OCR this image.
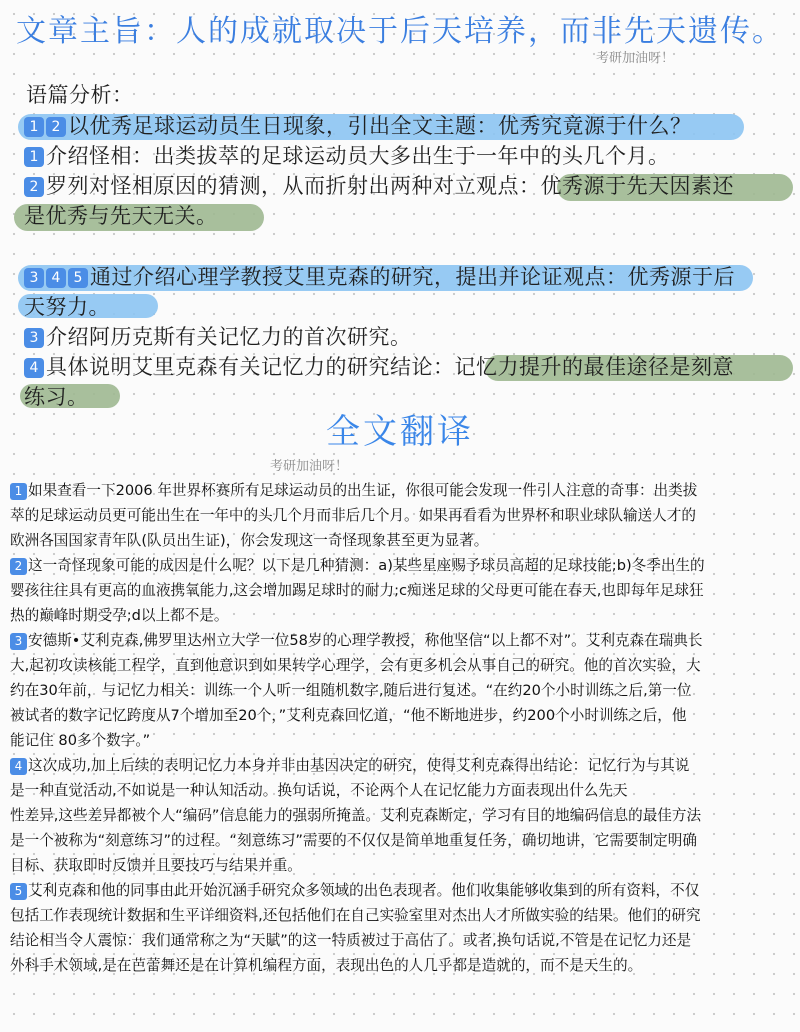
文章主旨：人的成就取决于后天培养，而非先天遗传。
考研加油呀！
语篇分析：
1 2 以优秀足球运动员生日现象，引出全文主题：优秀究竟源于什么？
1 介绍怪相：出类拔萃的足球运动员大多出生于一年中的头几个月。
2 罗列对怪相原因的猜测，从而折射出两种对立观点：优秀源于先天因素还
是优秀与先天无关。
3 4 5 通过介绍心理学教授艾里克森的研究，提出并论证观点：优秀源于后
天努力。
3 介绍阿历克斯有关记忆力的首次研究。
4 具体说明艾里克森有关记忆力的研究结论：记忆力提升的最佳途径是刻意
练习。
全文翻译
考研加油呀！

1 如果查看一下2006 年世界杯赛所有足球运动员的出生证，你很可能会发现一件引人注意的奇事：出类拔
萃的足球运动员更可能出生在一年中的头几个月而非后几个月。如果再看看为世界杯和职业球队输送人才的
欧洲各国国家青年队(队员出生证)，你会发现这一奇怪现象甚至更为显著。

2 这一奇怪现象可能的成因是什么呢？以下是几种猜测：a)某些星座赐予球员高超的足球技能;b)冬季出生的
婴孩往往具有更高的血液携氧能力,这会增加踢足球时的耐力;c痴迷足球的父母更可能在春天,也即每年足球狂
热的巅峰时期受孕;d以上都不是。

3 安德斯•艾利克森,佛罗里达州立大学一位58岁的心理学教授，称他坚信“以上都不对”。艾利克森在瑞典长
大,起初攻读核能工程学，直到他意识到如果转学心理学，会有更多机会从事自己的研究。他的首次实验，大
约在30年前，与记忆力相关：训练一个人听一组随机数字,随后进行复述。“在约20个小时训练之后,第一位
被试者的数字记忆跨度从7个增加至20个，”艾利克森回忆道，“他不断地进步，约200个小时训练之后，他
能记住 80多个数字。”

4 这次成功,加上后续的表明记忆力本身并非由基因决定的研究，使得艾利克森得出结论：记忆行为与其说
是一种直觉活动,不如说是一种认知活动。换句话说，不论两个人在记忆能力方面表现出什么先天
性差异,这些差异都被个人“编码”信息能力的强弱所掩盖。艾利克森断定，学习有目的地编码信息的最佳方法
是一个被称为“刻意练习”的过程。“刻意练习”需要的不仅仅是简单地重复任务，确切地讲，它需要制定明确
目标、获取即时反馈并且要技巧与结果并重。

5 艾利克森和他的同事由此开始沉涵手研究众多领域的出色表现者。他们收集能够收集到的所有资料，不仅
包括工作表现统计数据和生平详细资料,还包括他们在自己实验室里对杰出人才所做实验的结果。他们的研究
结论相当令人震惊：我们通常称之为“天賦”的这一特质被过于高估了。或者,换句话说,不管是在记忆力还是
外科手术领域,是在芭蕾舞还是在计算机编程方面，表现出色的人几乎都是造就的，而不是天生的。
